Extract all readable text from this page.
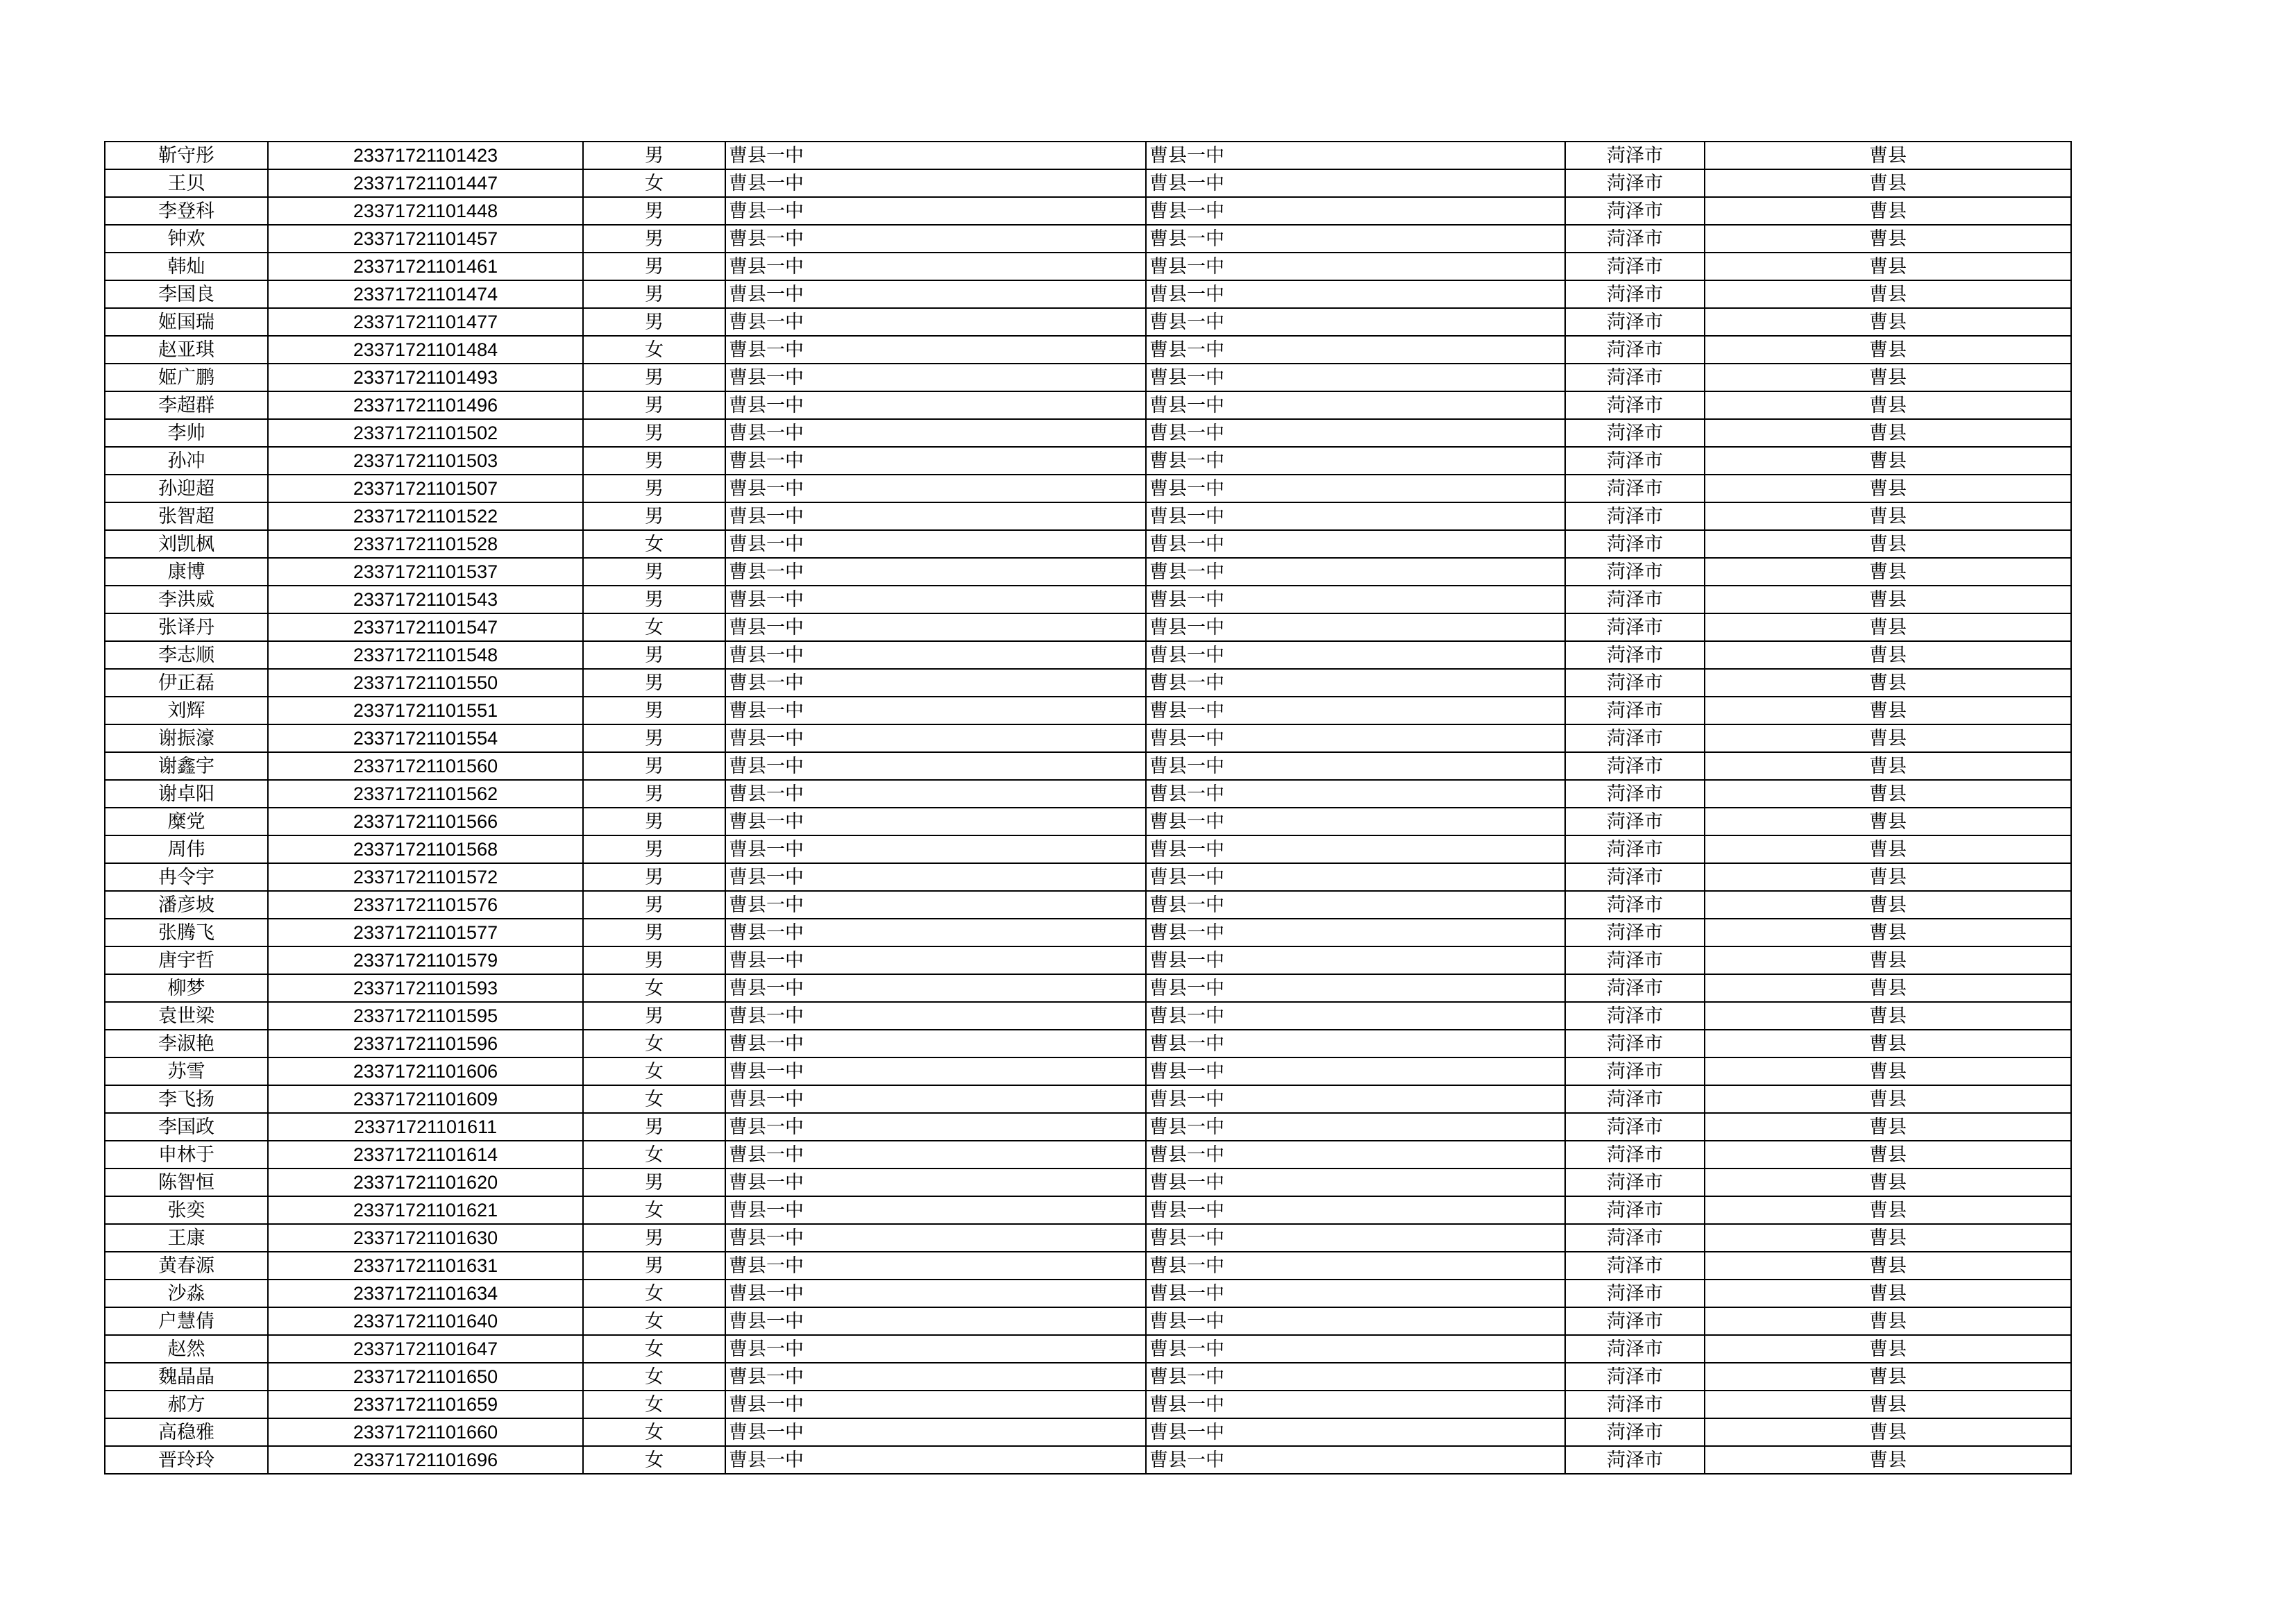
靳守彤	23371721101423	男	曹县一中	曹县一中	菏泽市	曹县
王贝	23371721101447	女	曹县一中	曹县一中	菏泽市	曹县
李登科	23371721101448	男	曹县一中	曹县一中	菏泽市	曹县
钟欢	23371721101457	男	曹县一中	曹县一中	菏泽市	曹县
韩灿	23371721101461	男	曹县一中	曹县一中	菏泽市	曹县
李国良	23371721101474	男	曹县一中	曹县一中	菏泽市	曹县
姬国瑞	23371721101477	男	曹县一中	曹县一中	菏泽市	曹县
赵亚琪	23371721101484	女	曹县一中	曹县一中	菏泽市	曹县
姬广鹏	23371721101493	男	曹县一中	曹县一中	菏泽市	曹县
李超群	23371721101496	男	曹县一中	曹县一中	菏泽市	曹县
李帅	23371721101502	男	曹县一中	曹县一中	菏泽市	曹县
孙冲	23371721101503	男	曹县一中	曹县一中	菏泽市	曹县
孙迎超	23371721101507	男	曹县一中	曹县一中	菏泽市	曹县
张智超	23371721101522	男	曹县一中	曹县一中	菏泽市	曹县
刘凯枫	23371721101528	女	曹县一中	曹县一中	菏泽市	曹县
康博	23371721101537	男	曹县一中	曹县一中	菏泽市	曹县
李洪威	23371721101543	男	曹县一中	曹县一中	菏泽市	曹县
张译丹	23371721101547	女	曹县一中	曹县一中	菏泽市	曹县
李志顺	23371721101548	男	曹县一中	曹县一中	菏泽市	曹县
伊正磊	23371721101550	男	曹县一中	曹县一中	菏泽市	曹县
刘辉	23371721101551	男	曹县一中	曹县一中	菏泽市	曹县
谢振濠	23371721101554	男	曹县一中	曹县一中	菏泽市	曹县
谢鑫宇	23371721101560	男	曹县一中	曹县一中	菏泽市	曹县
谢卓阳	23371721101562	男	曹县一中	曹县一中	菏泽市	曹县
糜党	23371721101566	男	曹县一中	曹县一中	菏泽市	曹县
周伟	23371721101568	男	曹县一中	曹县一中	菏泽市	曹县
冉令宇	23371721101572	男	曹县一中	曹县一中	菏泽市	曹县
潘彦坡	23371721101576	男	曹县一中	曹县一中	菏泽市	曹县
张腾飞	23371721101577	男	曹县一中	曹县一中	菏泽市	曹县
唐宇哲	23371721101579	男	曹县一中	曹县一中	菏泽市	曹县
柳梦	23371721101593	女	曹县一中	曹县一中	菏泽市	曹县
袁世梁	23371721101595	男	曹县一中	曹县一中	菏泽市	曹县
李淑艳	23371721101596	女	曹县一中	曹县一中	菏泽市	曹县
苏雪	23371721101606	女	曹县一中	曹县一中	菏泽市	曹县
李飞扬	23371721101609	女	曹县一中	曹县一中	菏泽市	曹县
李国政	23371721101611	男	曹县一中	曹县一中	菏泽市	曹县
申林于	23371721101614	女	曹县一中	曹县一中	菏泽市	曹县
陈智恒	23371721101620	男	曹县一中	曹县一中	菏泽市	曹县
张奕	23371721101621	女	曹县一中	曹县一中	菏泽市	曹县
王康	23371721101630	男	曹县一中	曹县一中	菏泽市	曹县
黄春源	23371721101631	男	曹县一中	曹县一中	菏泽市	曹县
沙淼	23371721101634	女	曹县一中	曹县一中	菏泽市	曹县
户慧倩	23371721101640	女	曹县一中	曹县一中	菏泽市	曹县
赵然	23371721101647	女	曹县一中	曹县一中	菏泽市	曹县
魏晶晶	23371721101650	女	曹县一中	曹县一中	菏泽市	曹县
郝方	23371721101659	女	曹县一中	曹县一中	菏泽市	曹县
高稳雅	23371721101660	女	曹县一中	曹县一中	菏泽市	曹县
晋玲玲	23371721101696	女	曹县一中	曹县一中	菏泽市	曹县
